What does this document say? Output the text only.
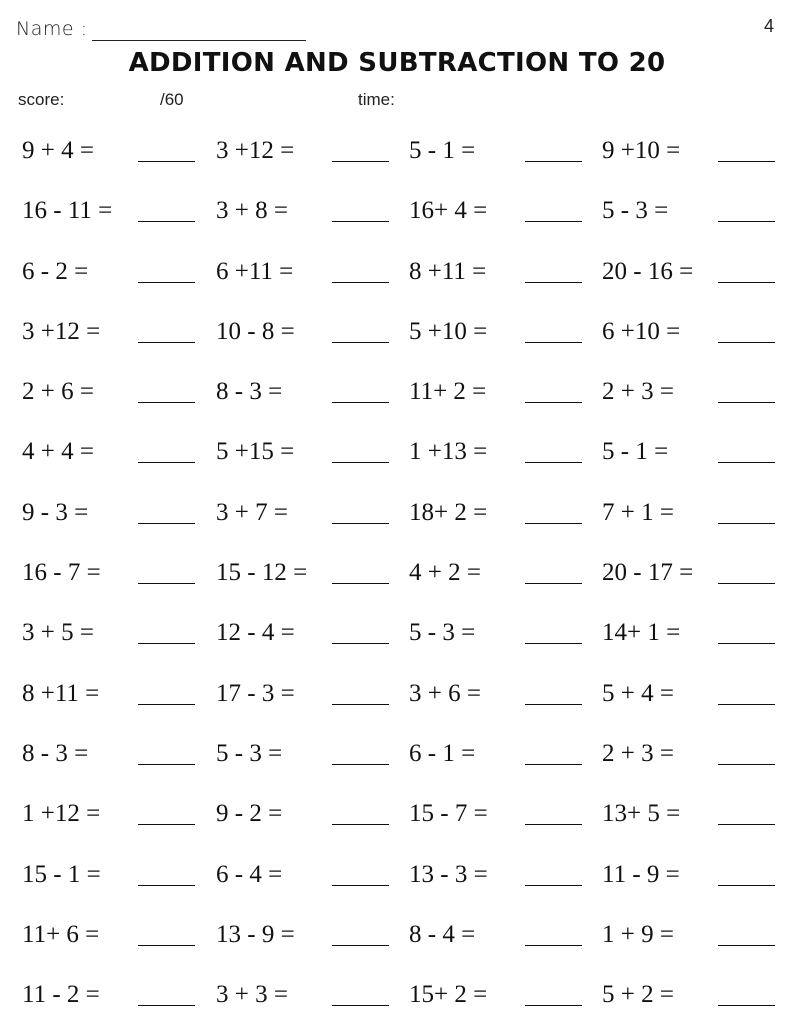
Name :	4
ADDITION AND SUBTRACTION TO 20
score:	/60	time:
9 + 4 =	3 +12 =	5 - 1 =	9 +10 =
16 - 11 =	3 + 8 =	16+ 4 =	5 - 3 =
6 - 2 =	6 +11 =	8 +11 =	20 - 16 =
3 +12 =	10 - 8 =	5 +10 =	6 +10 =
2 + 6 =	8 - 3 =	11+ 2 =	2 + 3 =
4 + 4 =	5 +15 =	1 +13 =	5 - 1 =
9 - 3 =	3 + 7 =	18+ 2 =	7 + 1 =
16 - 7 =	15 - 12 =	4 + 2 =	20 - 17 =
3 + 5 =	12 - 4 =	5 - 3 =	14+ 1 =
8 +11 =	17 - 3 =	3 + 6 =	5 + 4 =
8 - 3 =	5 - 3 =	6 - 1 =	2 + 3 =
1 +12 =	9 - 2 =	15 - 7 =	13+ 5 =
15 - 1 =	6 - 4 =	13 - 3 =	11 - 9 =
11+ 6 =	13 - 9 =	8 - 4 =	1 + 9 =
11 - 2 =	3 + 3 =	15+ 2 =	5 + 2 =
